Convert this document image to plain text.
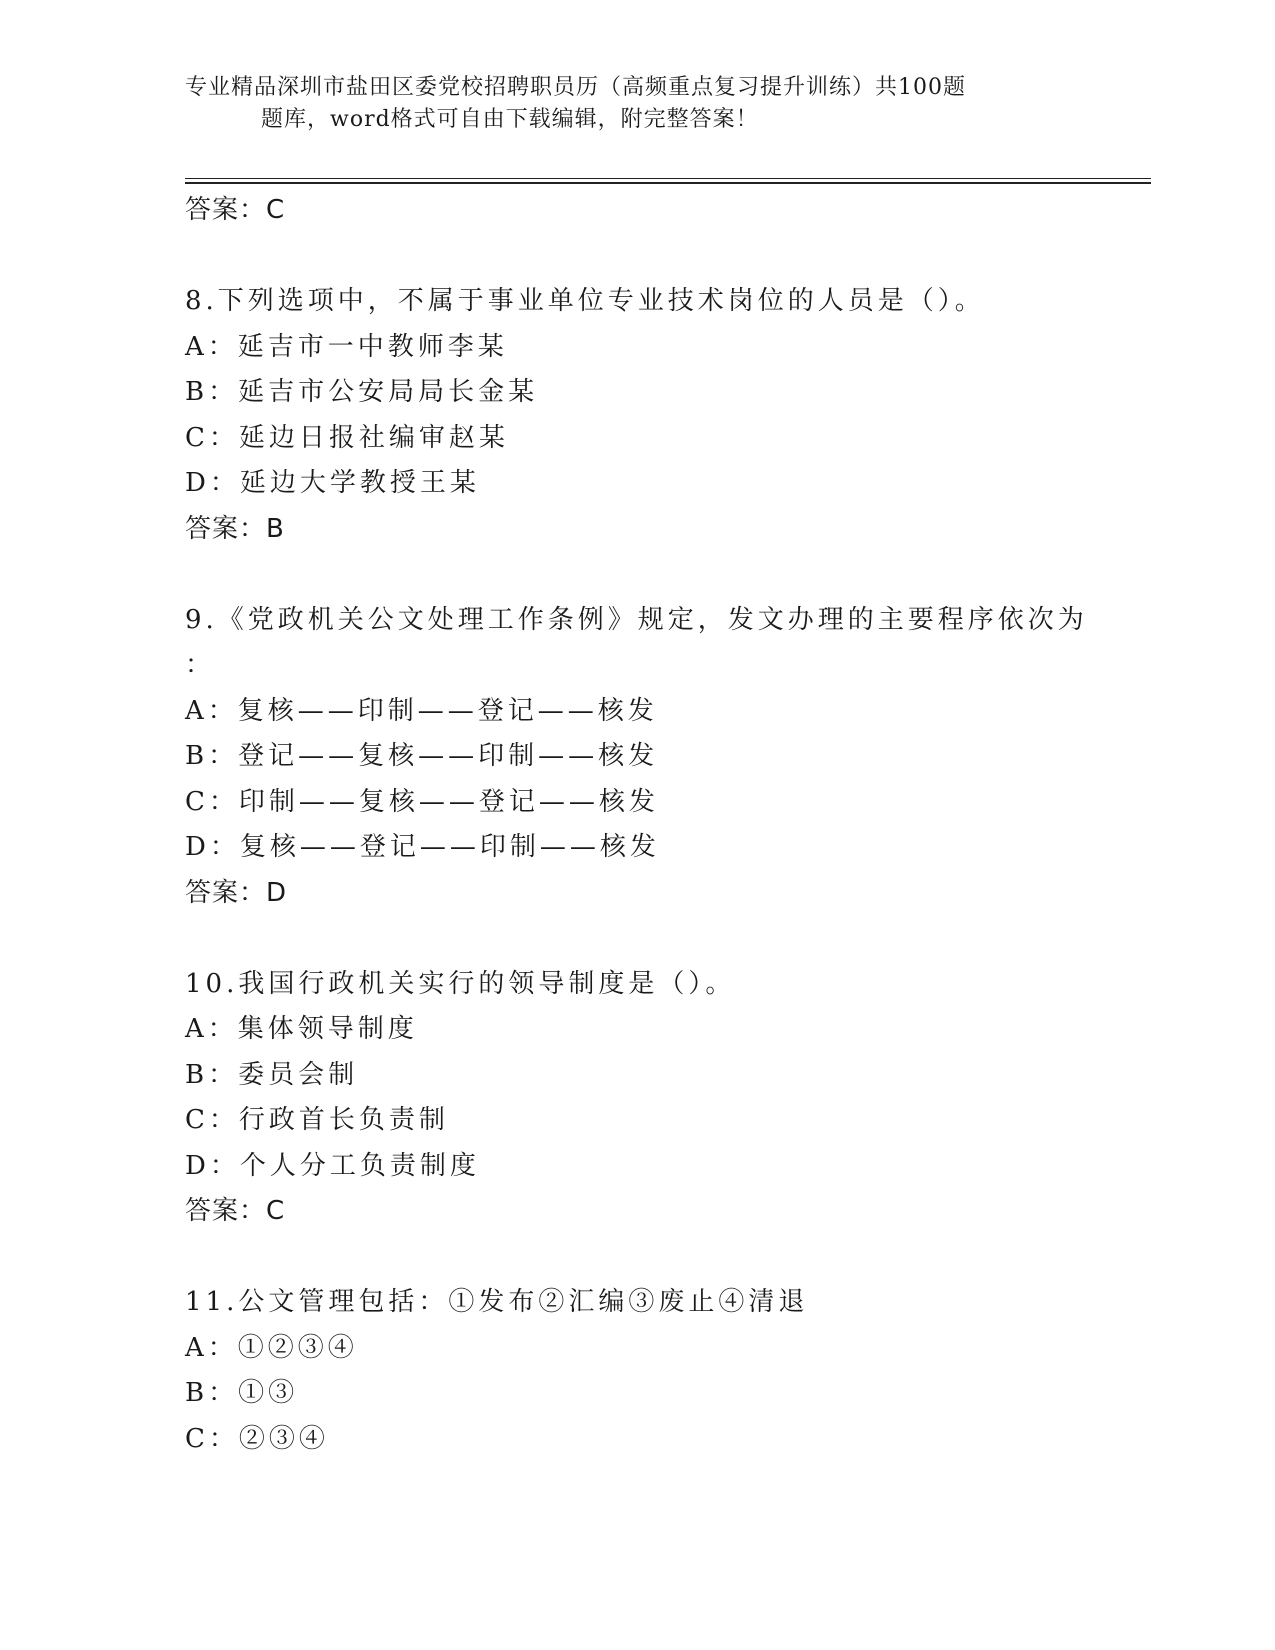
专业精品深圳市盐田区委党校招聘职员历（高频重点复习提升训练）共100题
题库，word格式可自由下载编辑，附完整答案！
答案：C
8.下列选项中，不属于事业单位专业技术岗位的人员是（）。
A：延吉市一中教师李某
B：延吉市公安局局长金某
C：延边日报社编审赵某
D：延边大学教授王某
答案：B
9.《党政机关公文处理工作条例》规定，发文办理的主要程序依次为
：
A：复核——印制——登记——核发
B：登记——复核——印制——核发
C：印制——复核——登记——核发
D：复核——登记——印制——核发
答案：D
10.我国行政机关实行的领导制度是（）。
A：集体领导制度
B：委员会制
C：行政首长负责制
D：个人分工负责制度
答案：C
11.公文管理包括：①发布②汇编③废止④清退
A：①②③④
B：①③
C：②③④
